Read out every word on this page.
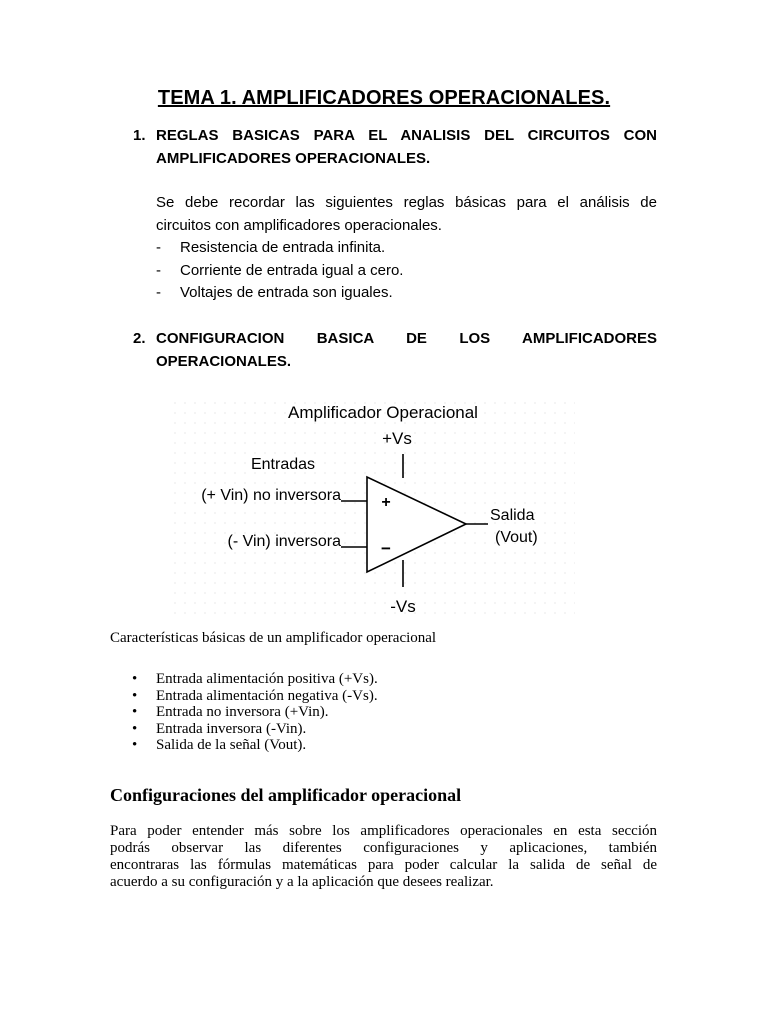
TEMA 1. AMPLIFICADORES OPERACIONALES.
1. REGLAS BASICAS PARA EL ANALISIS DEL CIRCUITOS CON
AMPLIFICADORES OPERACIONALES.
Se debe recordar las siguientes reglas básicas para el análisis de
circuitos con amplificadores operacionales.
- Resistencia de entrada infinita.
- Corriente de entrada igual a cero.
- Voltajes de entrada son iguales.
2. CONFIGURACION BASICA DE LOS AMPLIFICADORES
OPERACIONALES.
Amplificador Operacional
+Vs
Entradas
(+ Vin) no inversora
(- Vin) inversora
+
−
Salida
(Vout)
-Vs
Características básicas de un amplificador operacional
• Entrada alimentación positiva (+Vs).
• Entrada alimentación negativa (-Vs).
• Entrada no inversora (+Vin).
• Entrada inversora (-Vin).
• Salida de la señal (Vout).
Configuraciones del amplificador operacional
Para poder entender más sobre los amplificadores operacionales en esta sección
podrás observar las diferentes configuraciones y aplicaciones, también
encontraras las fórmulas matemáticas para poder calcular la salida de señal de
acuerdo a su configuración y a la aplicación que desees realizar.
